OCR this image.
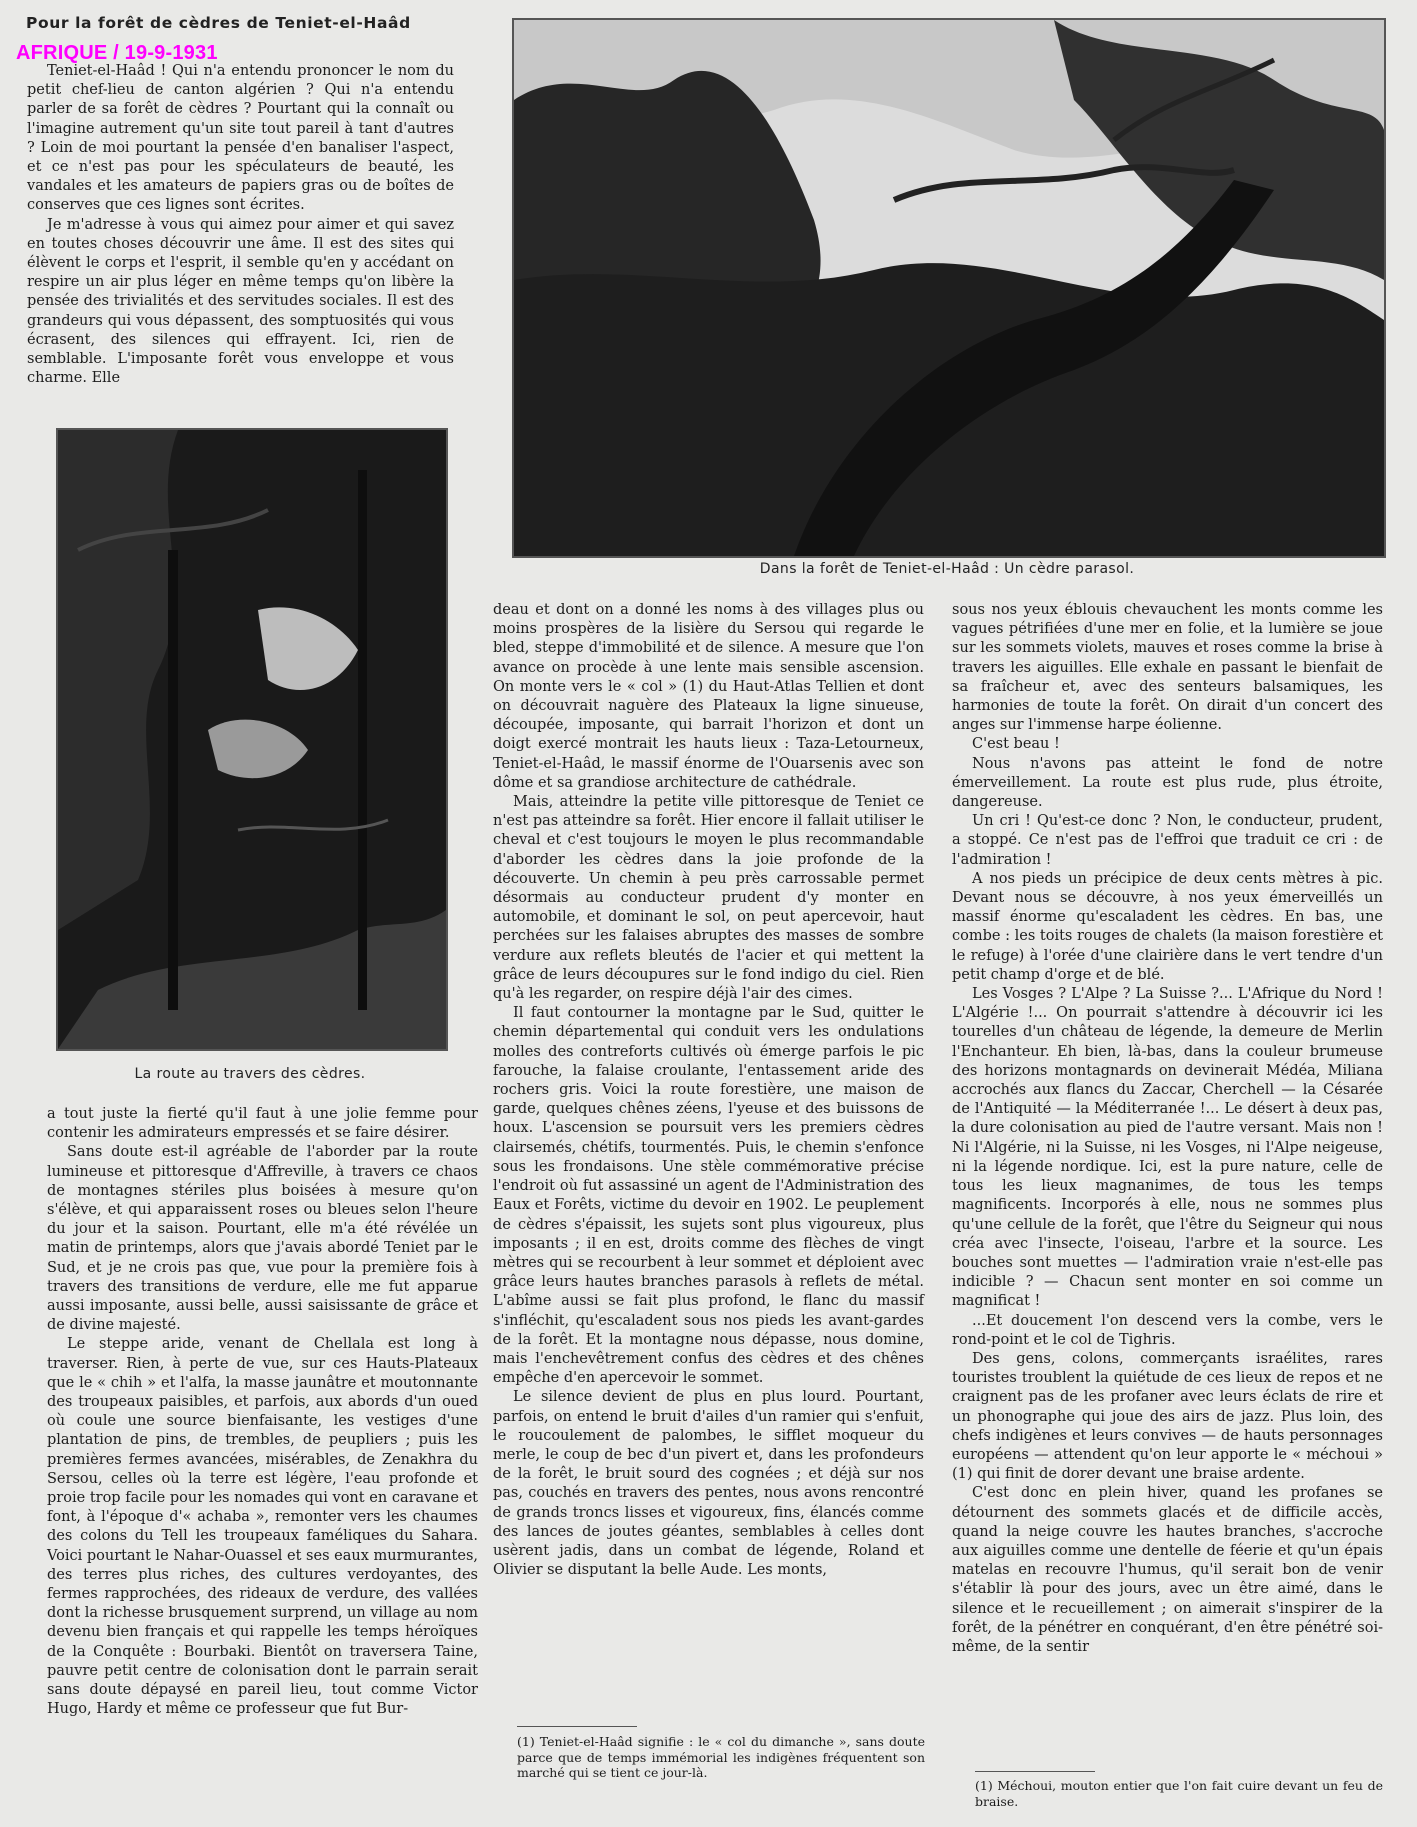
Pour la forêt de cèdres de Teniet-el-Haâd
AFRIQUE / 19-9-1931

Teniet-el-Haâd ! Qui n'a entendu prononcer le nom du petit chef-lieu de canton algérien ? Qui n'a entendu parler de sa forêt de cèdres ? Pourtant qui la connaît ou l'imagine autrement qu'un site tout pareil à tant d'autres ? Loin de moi pourtant la pensée d'en banaliser l'aspect, et ce n'est pas pour les spéculateurs de beauté, les vandales et les amateurs de papiers gras ou de boîtes de conserves que ces lignes sont écrites.

Je m'adresse à vous qui aimez pour aimer et qui savez en toutes choses découvrir une âme. Il est des sites qui élèvent le corps et l'esprit, il semble qu'en y accédant on respire un air plus léger en même temps qu'on libère la pensée des trivialités et des servitudes sociales. Il est des grandeurs qui vous dépassent, des somptuosités qui vous écrasent, des silences qui effrayent. Ici, rien de semblable. L'imposante forêt vous enveloppe et vous charme. Elle

Dans la forêt de Teniet-el-Haâd : Un cèdre parasol.
La route au travers des cèdres.

a tout juste la fierté qu'il faut à une jolie femme pour contenir les admirateurs empressés et se faire désirer.

Sans doute est-il agréable de l'aborder par la route lumineuse et pittoresque d'Affreville, à travers ce chaos de montagnes stériles plus boisées à mesure qu'on s'élève, et qui apparaissent roses ou bleues selon l'heure du jour et la saison. Pourtant, elle m'a été révélée un matin de printemps, alors que j'avais abordé Teniet par le Sud, et je ne crois pas que, vue pour la première fois à travers des transitions de verdure, elle me fut apparue aussi imposante, aussi belle, aussi saisissante de grâce et de divine majesté.

Le steppe aride, venant de Chellala est long à traverser. Rien, à perte de vue, sur ces Hauts-Plateaux que le « chih » et l'alfa, la masse jaunâtre et moutonnante des troupeaux paisibles, et parfois, aux abords d'un oued où coule une source bienfaisante, les vestiges d'une plantation de pins, de trembles, de peupliers ; puis les premières fermes avancées, misérables, de Zenakhra du Sersou, celles où la terre est légère, l'eau profonde et proie trop facile pour les nomades qui vont en caravane et font, à l'époque d'« achaba », remonter vers les chaumes des colons du Tell les troupeaux faméliques du Sahara. Voici pourtant le Nahar-Ouassel et ses eaux murmurantes, des terres plus riches, des cultures verdoyantes, des fermes rapprochées, des rideaux de verdure, des vallées dont la richesse brusquement surprend, un village au nom devenu bien français et qui rappelle les temps héroïques de la Conquête : Bourbaki. Bientôt on traversera Taine, pauvre petit centre de colonisation dont le parrain serait sans doute dépaysé en pareil lieu, tout comme Victor Hugo, Hardy et même ce professeur que fut Bur-

deau et dont on a donné les noms à des villages plus ou moins prospères de la lisière du Sersou qui regarde le bled, steppe d'immobilité et de silence. A mesure que l'on avance on procède à une lente mais sensible ascension. On monte vers le « col » (1) du Haut-Atlas Tellien et dont on découvrait naguère des Plateaux la ligne sinueuse, découpée, imposante, qui barrait l'horizon et dont un doigt exercé montrait les hauts lieux : Taza-Letourneux, Teniet-el-Haâd, le massif énorme de l'Ouarsenis avec son dôme et sa grandiose architecture de cathédrale.

Mais, atteindre la petite ville pittoresque de Teniet ce n'est pas atteindre sa forêt. Hier encore il fallait utiliser le cheval et c'est toujours le moyen le plus recommandable d'aborder les cèdres dans la joie profonde de la découverte. Un chemin à peu près carrossable permet désormais au conducteur prudent d'y monter en automobile, et dominant le sol, on peut apercevoir, haut perchées sur les falaises abruptes des masses de sombre verdure aux reflets bleutés de l'acier et qui mettent la grâce de leurs découpures sur le fond indigo du ciel. Rien qu'à les regarder, on respire déjà l'air des cimes.

Il faut contourner la montagne par le Sud, quitter le chemin départemental qui conduit vers les ondulations molles des contreforts cultivés où émerge parfois le pic farouche, la falaise croulante, l'entassement aride des rochers gris. Voici la route forestière, une maison de garde, quelques chênes zéens, l'yeuse et des buissons de houx. L'ascension se poursuit vers les premiers cèdres clairsemés, chétifs, tourmentés. Puis, le chemin s'enfonce sous les frondaisons. Une stèle commémorative précise l'endroit où fut assassiné un agent de l'Administration des Eaux et Forêts, victime du devoir en 1902. Le peuplement de cèdres s'épaissit, les sujets sont plus vigoureux, plus imposants ; il en est, droits comme des flèches de vingt mètres qui se recourbent à leur sommet et déploient avec grâce leurs hautes branches parasols à reflets de métal. L'abîme aussi se fait plus profond, le flanc du massif s'infléchit, qu'escaladent sous nos pieds les avant-gardes de la forêt. Et la montagne nous dépasse, nous domine, mais l'enchevêtrement confus des cèdres et des chênes empêche d'en apercevoir le sommet.

Le silence devient de plus en plus lourd. Pourtant, parfois, on entend le bruit d'ailes d'un ramier qui s'enfuit, le roucoulement de palombes, le sifflet moqueur du merle, le coup de bec d'un pivert et, dans les profondeurs de la forêt, le bruit sourd des cognées ; et déjà sur nos pas, couchés en travers des pentes, nous avons rencontré de grands troncs lisses et vigoureux, fins, élancés comme des lances de joutes géantes, semblables à celles dont usèrent jadis, dans un combat de légende, Roland et Olivier se disputant la belle Aude. Les monts,

(1) Teniet-el-Haâd signifie : le « col du dimanche », sans doute parce que de temps immémorial les indigènes fréquentent son marché qui se tient ce jour-là.

sous nos yeux éblouis chevauchent les monts comme les vagues pétrifiées d'une mer en folie, et la lumière se joue sur les sommets violets, mauves et roses comme la brise à travers les aiguilles. Elle exhale en passant le bienfait de sa fraîcheur et, avec des senteurs balsamiques, les harmonies de toute la forêt. On dirait d'un concert des anges sur l'immense harpe éolienne.

C'est beau !

Nous n'avons pas atteint le fond de notre émerveillement. La route est plus rude, plus étroite, dangereuse.

Un cri ! Qu'est-ce donc ? Non, le conducteur, prudent, a stoppé. Ce n'est pas de l'effroi que traduit ce cri : de l'admiration !

A nos pieds un précipice de deux cents mètres à pic. Devant nous se découvre, à nos yeux émerveillés un massif énorme qu'escaladent les cèdres. En bas, une combe : les toits rouges de chalets (la maison forestière et le refuge) à l'orée d'une clairière dans le vert tendre d'un petit champ d'orge et de blé.

Les Vosges ? L'Alpe ? La Suisse ?... L'Afrique du Nord ! L'Algérie !... On pourrait s'attendre à découvrir ici les tourelles d'un château de légende, la demeure de Merlin l'Enchanteur. Eh bien, là-bas, dans la couleur brumeuse des horizons montagnards on devinerait Médéa, Miliana accrochés aux flancs du Zaccar, Cherchell — la Césarée de l'Antiquité — la Méditerranée !... Le désert à deux pas, la dure colonisation au pied de l'autre versant. Mais non ! Ni l'Algérie, ni la Suisse, ni les Vosges, ni l'Alpe neigeuse, ni la légende nordique. Ici, est la pure nature, celle de tous les lieux magnanimes, de tous les temps magnificents. Incorporés à elle, nous ne sommes plus qu'une cellule de la forêt, que l'être du Seigneur qui nous créa avec l'insecte, l'oiseau, l'arbre et la source. Les bouches sont muettes — l'admiration vraie n'est-elle pas indicible ? — Chacun sent monter en soi comme un magnificat !

...Et doucement l'on descend vers la combe, vers le rond-point et le col de Tighris.

Des gens, colons, commerçants israélites, rares touristes troublent la quiétude de ces lieux de repos et ne craignent pas de les profaner avec leurs éclats de rire et un phonographe qui joue des airs de jazz. Plus loin, des chefs indigènes et leurs convives — de hauts personnages européens — attendent qu'on leur apporte le « méchoui » (1) qui finit de dorer devant une braise ardente.

C'est donc en plein hiver, quand les profanes se détournent des sommets glacés et de difficile accès, quand la neige couvre les hautes branches, s'accroche aux aiguilles comme une dentelle de féerie et qu'un épais matelas en recouvre l'humus, qu'il serait bon de venir s'établir là pour des jours, avec un être aimé, dans le silence et le recueillement ; on aimerait s'inspirer de la forêt, de la pénétrer en conquérant, d'en être pénétré soi-même, de la sentir

(1) Méchoui, mouton entier que l'on fait cuire devant un feu de braise.
